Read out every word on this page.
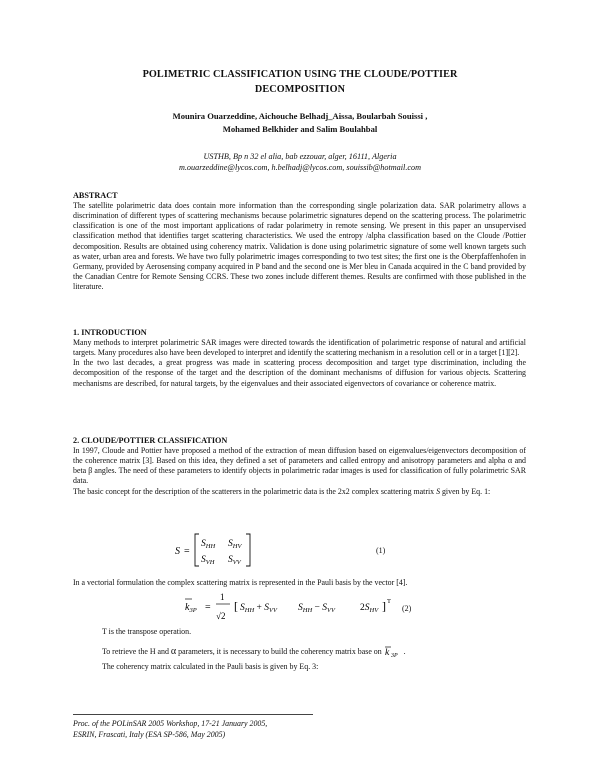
POLIMETRIC CLASSIFICATION USING THE CLOUDE/POTTIER
DECOMPOSITION
Mounira Ouarzeddine, Aichouche Belhadj_Aissa, Boularbah Souissi ,
Mohamed Belkhider and Salim Boulahbal
USTHB, Bp n 32 el alia, bab ezzouar, alger, 16111, Algeria
m.ouarzeddine@lycos.com, h.belhadj@lycos.com, souissib@hotmail.com
ABSTRACT
The satellite polarimetric data does contain more information than the corresponding single polarization data. SAR polarimetry allows a discrimination of different types of scattering mechanisms because polarimetric signatures depend on the scattering process. The polarimetric classification is one of the most important applications of radar polarimetry in remote sensing. We present in this paper an unsupervised classification method that identifies target scattering characteristics. We used the entropy /alpha classification based on the Cloude /Pottier decomposition. Results are obtained using coherency matrix. Validation is done using polarimetric signature of some well known targets such as water, urban area and forests. We have two fully polarimetric images corresponding to two test sites; the first one is the Oberpfaffenhofen in Germany, provided by Aerosensing company acquired in P band and the second one is Mer bleu in Canada acquired in the C band provided by the Canadian Centre for Remote Sensing CCRS. These two zones include different themes. Results are confirmed with those published in the literature.
1. INTRODUCTION
Many methods to interpret polarimetric SAR images were directed towards the identification of polarimetric response of natural and artificial targets. Many procedures also have been developed to interpret and identify the scattering mechanism in a resolution cell or in a target [1][2].
In the two last decades, a great progress was made in scattering process decomposition and target type discrimination, including the decomposition of the response of the target and the description of the dominant mechanisms of diffusion for various objects. Scattering mechanisms are described, for natural targets, by the eigenvalues and their associated eigenvectors of covariance or coherence matrix.
2. CLOUDE/POTTIER CLASSIFICATION
In 1997, Cloude and Pottier have proposed a method of the extraction of mean diffusion based on eigenvalues/eigenvectors decomposition of the coherence matrix [3]. Based on this idea, they defined a set of parameters and called entropy and anisotropy parameters and alpha α and beta β angles. The need of these parameters to identify objects in polarimetric radar images is used for classification of fully polarimetric SAR data.
The basic concept for the description of the scatterers in the polarimetric data is the 2x2 complex scattering matrix S given by Eq. 1:
S =
$S_{HH}$ $S_{HV}$
$S_{VH}$ $S_{VV}$
(1)
In a vectorial formulation the complex scattering matrix is represented in the Pauli basis by the vector [4].
$k_{3P}$ =
1
√2
[ $S_{HH} + S_{VV}$ $S_{HH} - S_{VV}$	$2S_{HV}$ ] T
(2)
T is the transpose operation.
To retrieve the H and α parameters, it is necessary to build the coherency matrix base on k 3P .
The coherency matrix calculated in the Pauli basis is given by Eq. 3:
Proc. of the POLinSAR 2005 Workshop, 17-21 January 2005,
ESRIN, Frascati, Italy (ESA SP-586, May 2005)
